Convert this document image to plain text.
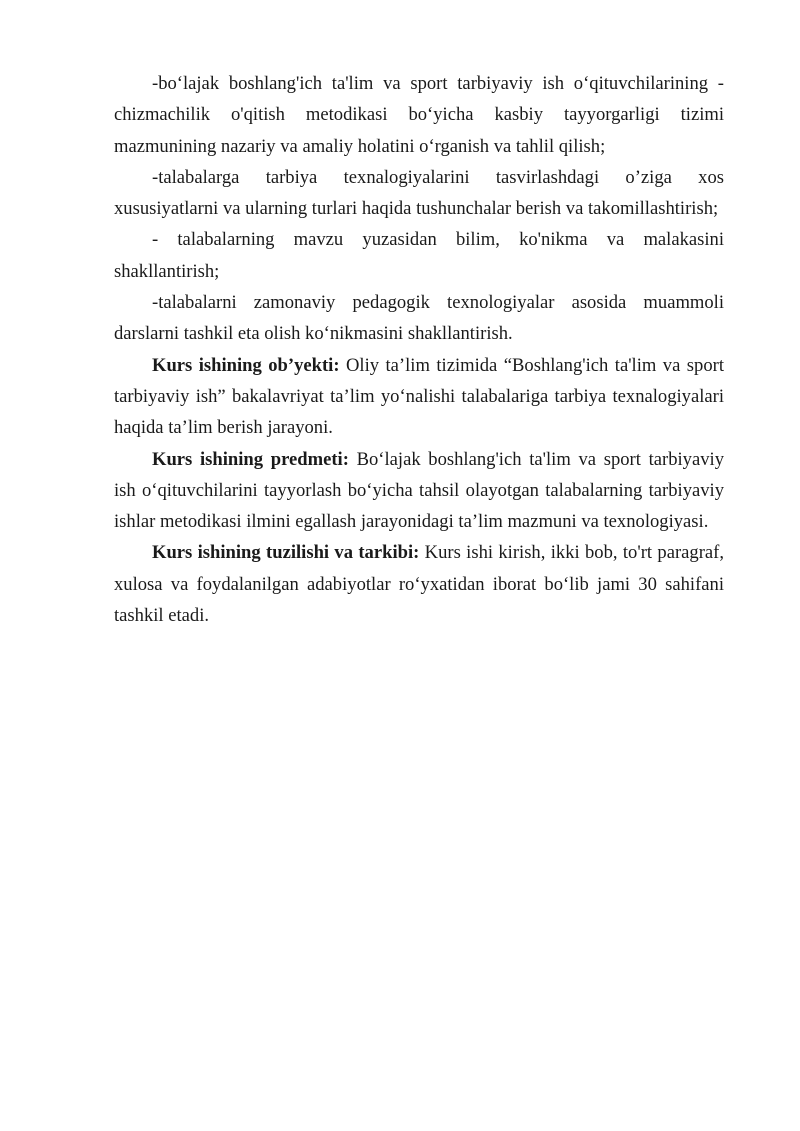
-bo‘lajak boshlang'ich ta'lim va sport tarbiyaviy ish o‘qituvchilarining - chizmachilik o'qitish metodikasi bo‘yicha kasbiy tayyorgarligi tizimi mazmunining nazariy va amaliy holatini o‘rganish va tahlil qilish;

-talabalarga tarbiya texnalogiyalarini tasvirlashdagi o’ziga xos xususiyatlarni va ularning turlari haqida tushunchalar berish va takomillashtirish;

- talabalarning mavzu yuzasidan bilim, ko'nikma va malakasini shakllantirish;

-talabalarni zamonaviy pedagogik texnologiyalar asosida muammoli darslarni tashkil eta olish ko‘nikmasini shakllantirish.

Kurs ishining ob’yekti: Oliy ta’lim tizimida “Boshlang'ich ta'lim va sport tarbiyaviy ish” bakalavriyat ta’lim yo‘nalishi talabalariga tarbiya texnalogiyalari haqida ta’lim berish jarayoni.

Kurs ishining predmeti: Bo‘lajak boshlang'ich ta'lim va sport tarbiyaviy ish o‘qituvchilarini tayyorlash bo‘yicha tahsil olayotgan talabalarning tarbiyaviy ishlar metodikasi ilmini egallash jarayonidagi ta’lim mazmuni va texnologiyasi.

Kurs ishining tuzilishi va tarkibi: Kurs ishi kirish, ikki bob, to'rt paragraf, xulosa va foydalanilgan adabiyotlar ro‘yxatidan iborat bo‘lib jami 30 sahifani tashkil etadi.
